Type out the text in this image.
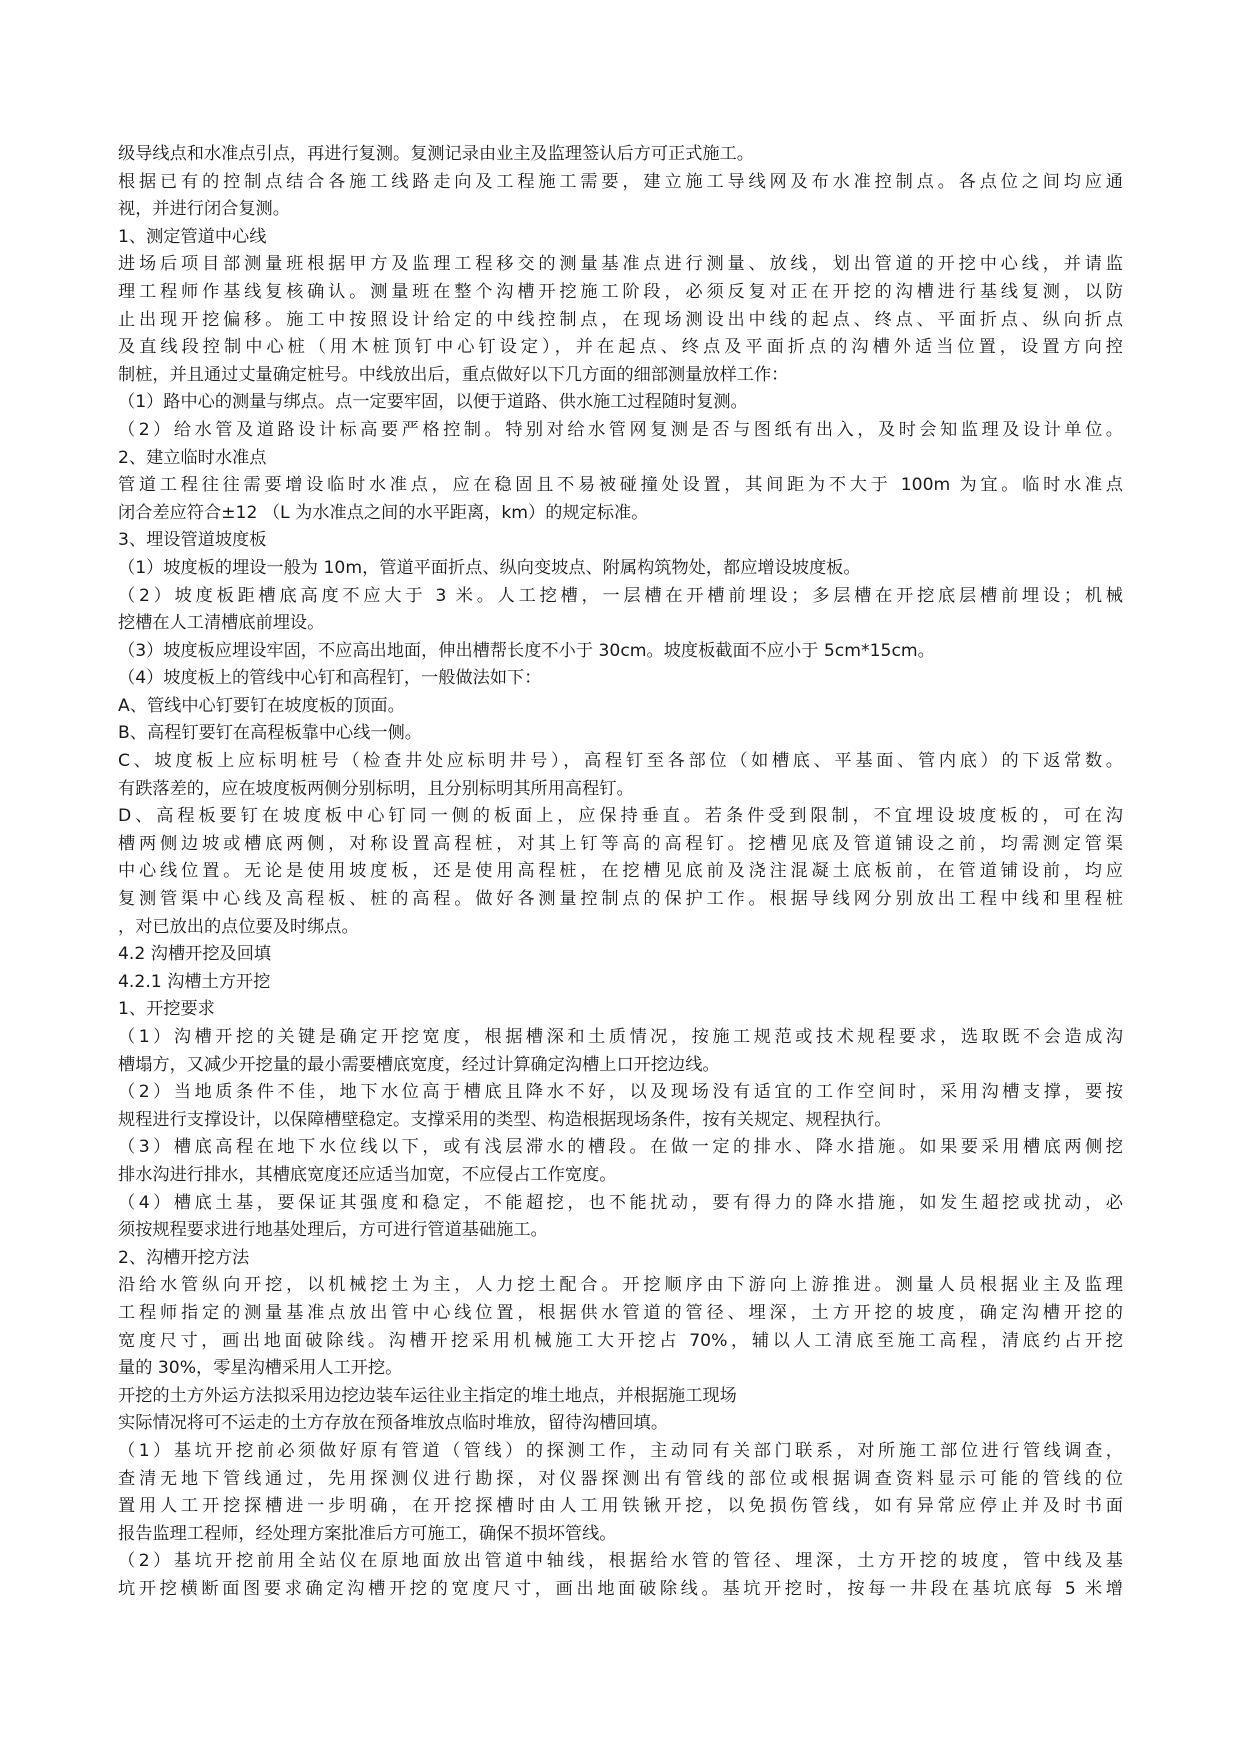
级导线点和水准点引点，再进行复测。复测记录由业主及监理签认后方可正式施工。
根据已有的控制点结合各施工线路走向及工程施工需要，建立施工导线网及布水准控制点。各点位之间均应通
视，并进行闭合复测。
1、测定管道中心线
进场后项目部测量班根据甲方及监理工程移交的测量基准点进行测量、放线，划出管道的开挖中心线，并请监
理工程师作基线复核确认。测量班在整个沟槽开挖施工阶段，必须反复对正在开挖的沟槽进行基线复测，以防
止出现开挖偏移。施工中按照设计给定的中线控制点，在现场测设出中线的起点、终点、平面折点、纵向折点
及直线段控制中心桩（用木桩顶钉中心钉设定），并在起点、终点及平面折点的沟槽外适当位置，设置方向控
制桩，并且通过丈量确定桩号。中线放出后，重点做好以下几方面的细部测量放样工作：
（1）路中心的测量与绑点。点一定要牢固，以便于道路、供水施工过程随时复测。
（2）给水管及道路设计标高要严格控制。特别对给水管网复测是否与图纸有出入，及时会知监理及设计单位。
2、建立临时水准点
管道工程往往需要增设临时水准点，应在稳固且不易被碰撞处设置，其间距为不大于 100m 为宜。临时水准点
闭合差应符合±12 （L 为水准点之间的水平距离，km）的规定标准。
3、埋设管道坡度板
（1）坡度板的埋设一般为 10m，管道平面折点、纵向变坡点、附属构筑物处，都应增设坡度板。
（2）坡度板距槽底高度不应大于 3 米。人工挖槽，一层槽在开槽前埋设；多层槽在开挖底层槽前埋设；机械
挖槽在人工清槽底前埋设。
（3）坡度板应埋设牢固，不应高出地面，伸出槽帮长度不小于 30cm。坡度板截面不应小于 5cm*15cm。
（4）坡度板上的管线中心钉和高程钉，一般做法如下：
A、管线中心钉要钉在坡度板的顶面。
B、高程钉要钉在高程板靠中心线一侧。
C、坡度板上应标明桩号（检查井处应标明井号），高程钉至各部位（如槽底、平基面、管内底）的下返常数。
有跌落差的，应在坡度板两侧分别标明，且分别标明其所用高程钉。
D、高程板要钉在坡度板中心钉同一侧的板面上，应保持垂直。若条件受到限制，不宜埋设坡度板的，可在沟
槽两侧边坡或槽底两侧，对称设置高程桩，对其上钉等高的高程钉。挖槽见底及管道铺设之前，均需测定管渠
中心线位置。无论是使用坡度板，还是使用高程桩，在挖槽见底前及浇注混凝土底板前，在管道铺设前，均应
复测管渠中心线及高程板、桩的高程。做好各测量控制点的保护工作。根据导线网分别放出工程中线和里程桩
，对已放出的点位要及时绑点。
4.2 沟槽开挖及回填
4.2.1 沟槽土方开挖
1、开挖要求
（1）沟槽开挖的关键是确定开挖宽度，根据槽深和土质情况，按施工规范或技术规程要求，选取既不会造成沟
槽塌方，又减少开挖量的最小需要槽底宽度，经过计算确定沟槽上口开挖边线。
（2）当地质条件不佳，地下水位高于槽底且降水不好，以及现场没有适宜的工作空间时，采用沟槽支撑，要按
规程进行支撑设计，以保障槽壁稳定。支撑采用的类型、构造根据现场条件，按有关规定、规程执行。
（3）槽底高程在地下水位线以下，或有浅层滞水的槽段。在做一定的排水、降水措施。如果要采用槽底两侧挖
排水沟进行排水，其槽底宽度还应适当加宽，不应侵占工作宽度。
（4）槽底土基，要保证其强度和稳定，不能超挖，也不能扰动，要有得力的降水措施，如发生超挖或扰动，必
须按规程要求进行地基处理后，方可进行管道基础施工。
2、沟槽开挖方法
沿给水管纵向开挖，以机械挖土为主，人力挖土配合。开挖顺序由下游向上游推进。测量人员根据业主及监理
工程师指定的测量基准点放出管中心线位置，根据供水管道的管径、埋深，土方开挖的坡度，确定沟槽开挖的
宽度尺寸，画出地面破除线。沟槽开挖采用机械施工大开挖占 70%，辅以人工清底至施工高程，清底约占开挖
量的 30%，零星沟槽采用人工开挖。
开挖的土方外运方法拟采用边挖边装车运往业主指定的堆土地点，并根据施工现场
实际情况将可不运走的土方存放在预备堆放点临时堆放，留待沟槽回填。
（1）基坑开挖前必须做好原有管道（管线）的探测工作，主动同有关部门联系，对所施工部位进行管线调查，
查清无地下管线通过，先用探测仪进行勘探，对仪器探测出有管线的部位或根据调查资料显示可能的管线的位
置用人工开挖探槽进一步明确，在开挖探槽时由人工用铁锹开挖，以免损伤管线，如有异常应停止并及时书面
报告监理工程师，经处理方案批准后方可施工，确保不损坏管线。
（2）基坑开挖前用全站仪在原地面放出管道中轴线，根据给水管的管径、埋深，土方开挖的坡度，管中线及基
坑开挖横断面图要求确定沟槽开挖的宽度尺寸，画出地面破除线。基坑开挖时，按每一井段在基坑底每 5 米增
